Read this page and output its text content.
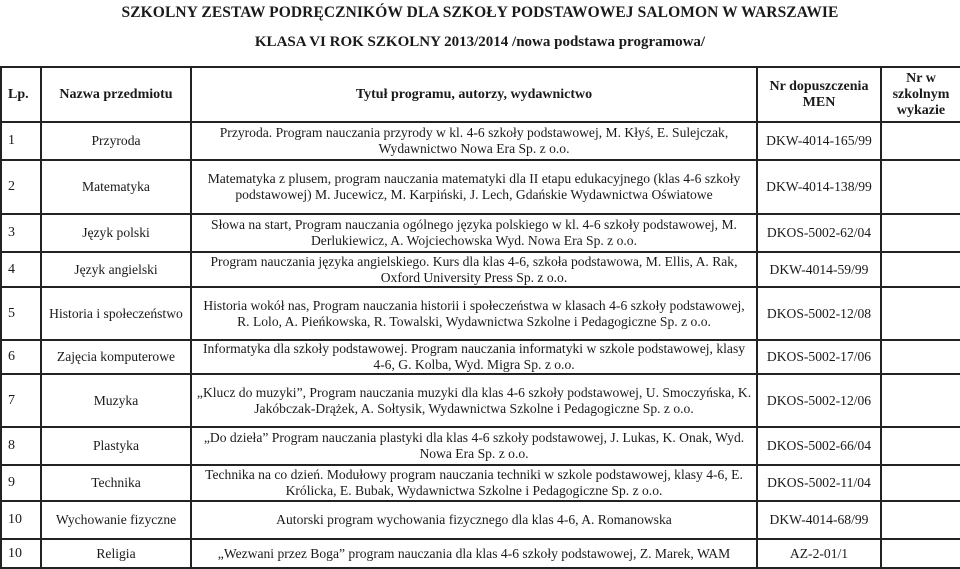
SZKOLNY ZESTAW PODRĘCZNIKÓW DLA SZKOŁY PODSTAWOWEJ SALOMON W WARSZAWIE
KLASA VI ROK SZKOLNY 2013/2014 /nowa podstawa programowa/
Lp.	Nazwa przedmiotu	Tytuł programu, autorzy, wydawnictwo	Nr dopuszczenia MEN	Nr w szkolnym wykazie
1	Przyroda	Przyroda. Program nauczania przyrody w kl. 4-6 szkoły podstawowej, M. Kłyś, E. Sulejczak, Wydawnictwo Nowa Era Sp. z o.o.	DKW-4014-165/99	
2	Matematyka	Matematyka z plusem, program nauczania matematyki dla II etapu edukacyjnego (klas 4-6 szkoły podstawowej) M. Jucewicz, M. Karpiński, J. Lech, Gdańskie Wydawnictwa Oświatowe	DKW-4014-138/99	
3	Język polski	Słowa na start, Program nauczania ogólnego języka polskiego w kl. 4-6 szkoły podstawowej, M. Derlukiewicz, A. Wojciechowska Wyd. Nowa Era Sp. z o.o.	DKOS-5002-62/04	
4	Język angielski	Program nauczania języka angielskiego. Kurs dla klas 4-6, szkoła podstawowa, M. Ellis, A. Rak, Oxford University Press Sp. z o.o.	DKW-4014-59/99	
5	Historia i społeczeństwo	Historia wokół nas, Program nauczania historii i społeczeństwa w klasach 4-6 szkoły podstawowej, R. Lolo, A. Pieńkowska, R. Towalski, Wydawnictwa Szkolne i Pedagogiczne Sp. z o.o.	DKOS-5002-12/08	
6	Zajęcia komputerowe	Informatyka dla szkoły podstawowej. Program nauczania informatyki w szkole podstawowej, klasy 4-6, G. Kolba, Wyd. Migra Sp. z o.o.	DKOS-5002-17/06	
7	Muzyka	„Klucz do muzyki”, Program nauczania muzyki dla klas 4-6 szkoły podstawowej, U. Smoczyńska, K. Jakóbczak-Drążek, A. Sołtysik, Wydawnictwa Szkolne i Pedagogiczne Sp. z o.o.	DKOS-5002-12/06	
8	Plastyka	„Do dzieła” Program nauczania plastyki dla klas 4-6 szkoły podstawowej, J. Lukas, K. Onak, Wyd. Nowa Era Sp. z o.o.	DKOS-5002-66/04	
9	Technika	Technika na co dzień. Modułowy program nauczania techniki w szkole podstawowej, klasy 4-6, E. Królicka, E. Bubak, Wydawnictwa Szkolne i Pedagogiczne Sp. z o.o.	DKOS-5002-11/04	
10	Wychowanie fizyczne	Autorski program wychowania fizycznego dla klas 4-6, A. Romanowska	DKW-4014-68/99	
10	Religia	„Wezwani przez Boga” program nauczania dla klas 4-6 szkoły podstawowej, Z. Marek, WAM	AZ-2-01/1	
